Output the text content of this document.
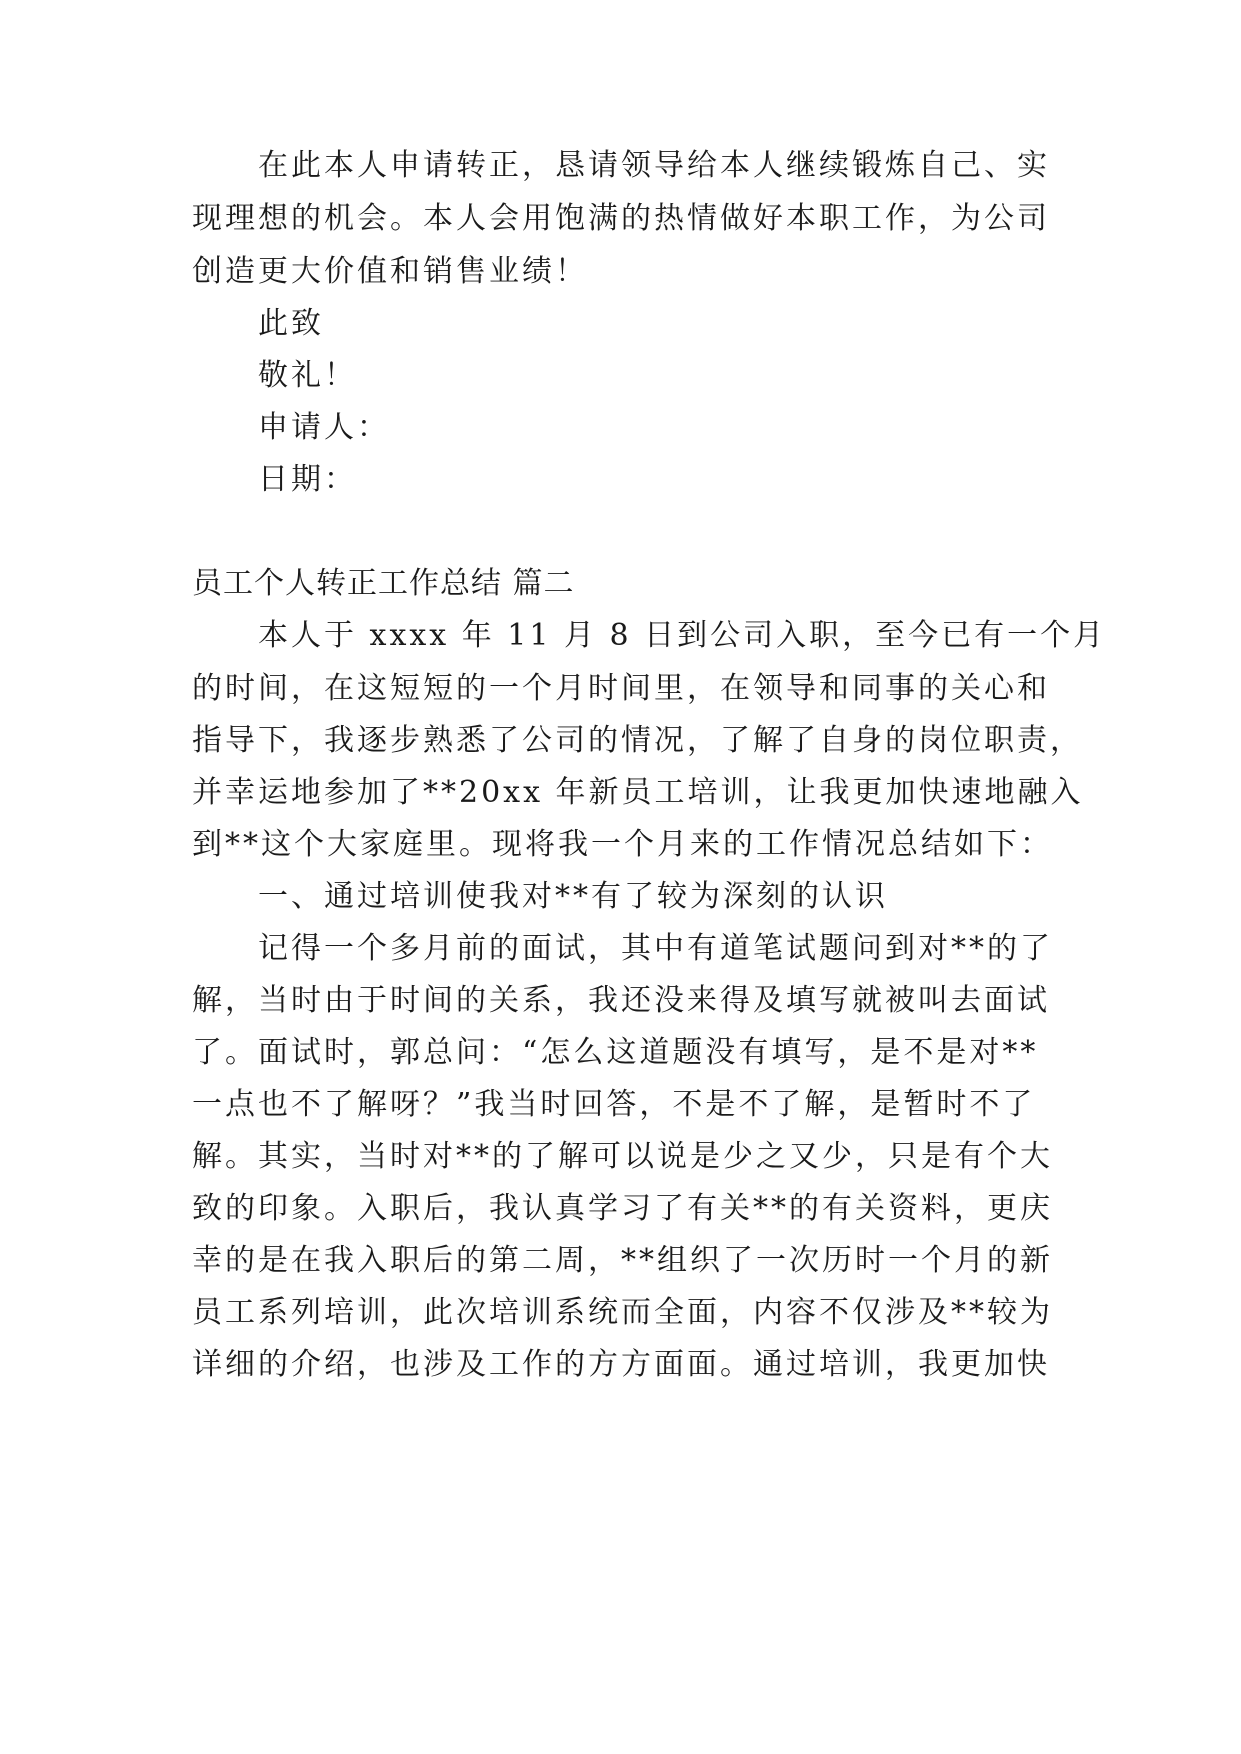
在此本人申请转正，恳请领导给本人继续锻炼自己、实
现理想的机会。本人会用饱满的热情做好本职工作，为公司
创造更大价值和销售业绩！
此致
敬礼！
申请人：
日期：
员工个人转正工作总结 篇二
本人于 xxxx 年 11 月 8 日到公司入职，至今已有一个月
的时间，在这短短的一个月时间里，在领导和同事的关心和
指导下，我逐步熟悉了公司的情况，了解了自身的岗位职责，
并幸运地参加了**20xx 年新员工培训，让我更加快速地融入
到**这个大家庭里。现将我一个月来的工作情况总结如下：
一、通过培训使我对**有了较为深刻的认识
记得一个多月前的面试，其中有道笔试题问到对**的了
解，当时由于时间的关系，我还没来得及填写就被叫去面试
了。面试时，郭总问：“怎么这道题没有填写，是不是对**
一点也不了解呀？”我当时回答，不是不了解，是暂时不了
解。其实，当时对**的了解可以说是少之又少，只是有个大
致的印象。入职后，我认真学习了有关**的有关资料，更庆
幸的是在我入职后的第二周，**组织了一次历时一个月的新
员工系列培训，此次培训系统而全面，内容不仅涉及**较为
详细的介绍，也涉及工作的方方面面。通过培训，我更加快
